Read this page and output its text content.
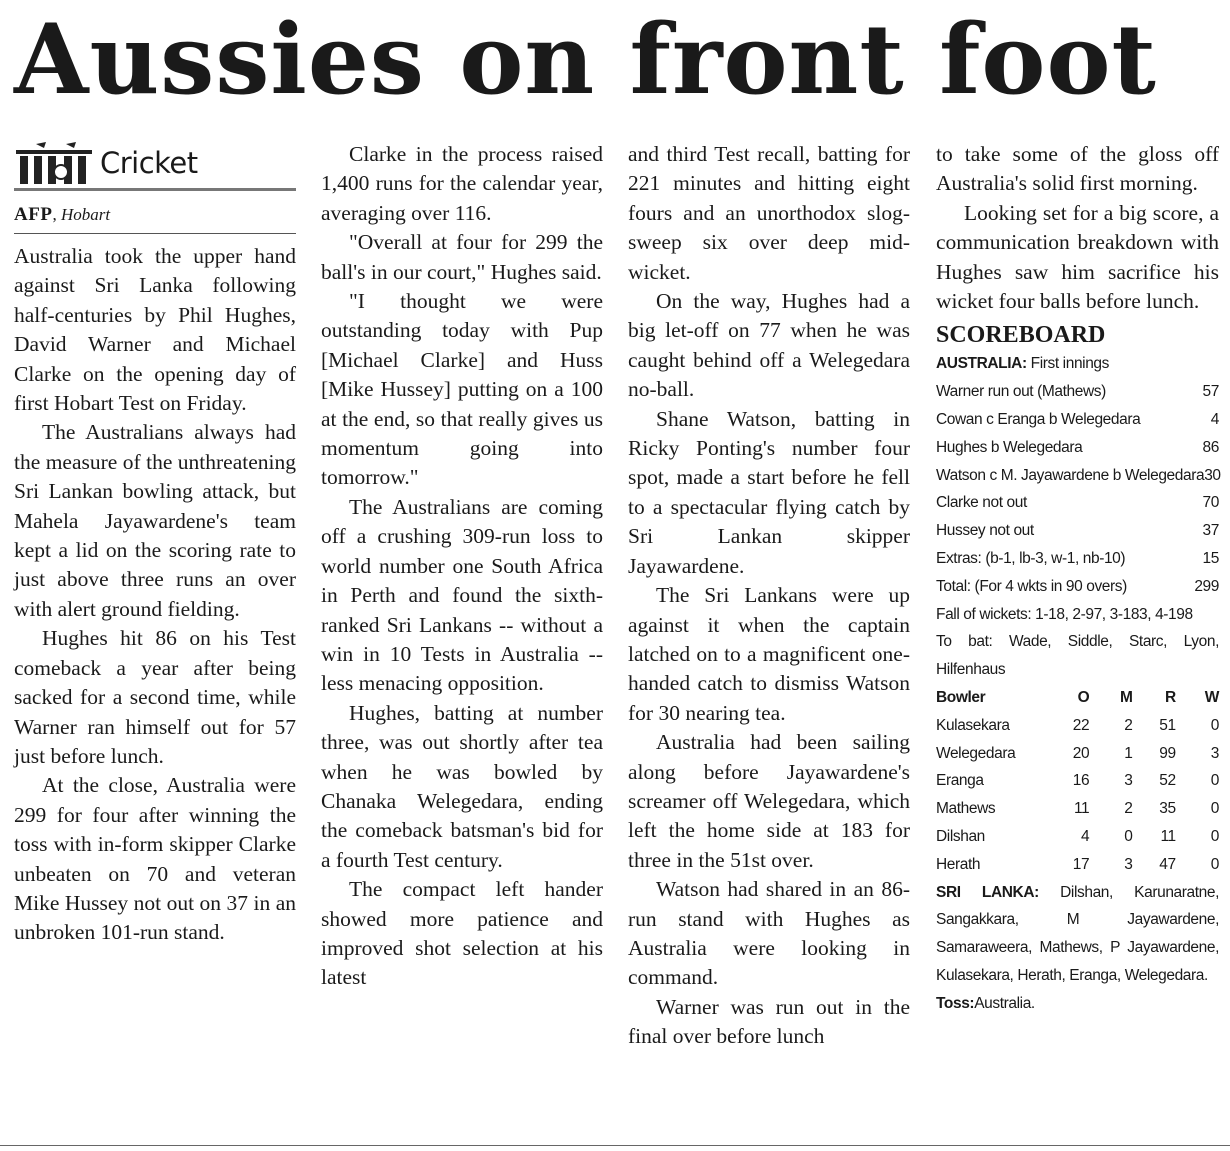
Aussies on front foot
Cricket
AFP, Hobart

Australia took the upper hand against Sri Lanka following half-centuries by Phil Hughes, David Warner and Michael Clarke on the opening day of first Hobart Test on Friday.

The Australians always had the measure of the unthreatening Sri Lankan bowling attack, but Mahela Jayawardene's team kept a lid on the scoring rate to just above three runs an over with alert ground fielding.

Hughes hit 86 on his Test comeback a year after being sacked for a second time, while Warner ran himself out for 57 just before lunch.

At the close, Australia were 299 for four after winning the toss with in-form skipper Clarke unbeaten on 70 and veteran Mike Hussey not out on 37 in an unbroken 101-run stand.

Clarke in the process raised 1,400 runs for the calendar year, averaging over 116.

"Overall at four for 299 the ball's in our court," Hughes said.

"I thought we were outstanding today with Pup [Michael Clarke] and Huss [Mike Hussey] putting on a 100 at the end, so that really gives us momentum going into tomorrow."

The Australians are coming off a crushing 309-run loss to world number one South Africa in Perth and found the sixth-ranked Sri Lankans -- without a win in 10 Tests in Australia -- less menacing opposition.

Hughes, batting at number three, was out shortly after tea when he was bowled by Chanaka Welegedara, ending the comeback batsman's bid for a fourth Test century.

The compact left hander showed more patience and improved shot selection at his latest

and third Test recall, batting for 221 minutes and hitting eight fours and an unorthodox slog-sweep six over deep mid-wicket.

On the way, Hughes had a big let-off on 77 when he was caught behind off a Welegedara no-ball.

Shane Watson, batting in Ricky Ponting's number four spot, made a start before he fell to a spectacular flying catch by Sri Lankan skipper Jayawardene.

The Sri Lankans were up against it when the captain latched on to a magnificent one-handed catch to dismiss Watson for 30 nearing tea.

Australia had been sailing along before Jayawardene's screamer off Welegedara, which left the home side at 183 for three in the 51st over.

Watson had shared in an 86-run stand with Hughes as Australia were looking in command.

Warner was run out in the final over before lunch

to take some of the gloss off Australia's solid first morning.

Looking set for a big score, a communication breakdown with Hughes saw him sacrifice his wicket four balls before lunch.

SCOREBOARD
AUSTRALIA: First innings
Warner run out (Mathews)	57
Cowan c Eranga b Welegedara	4
Hughes b Welegedara	86
Watson c M. Jayawardene b Welegedara 30
Clarke not out	70
Hussey not out	37
Extras: (b-1, lb-3, w-1, nb-10)	15
Total: (For 4 wkts in 90 overs)	299
Fall of wickets: 1-18, 2-97, 3-183, 4-198
To bat: Wade, Siddle, Starc, Lyon, Hilfenhaus
Bowler	O	M	R	W
Kulasekara	22	2	51	0
Welegedara	20	1	99	3
Eranga	16	3	52	0
Mathews	11	2	35	0
Dilshan	4	0	11	0
Herath	17	3	47	0
SRI LANKA: Dilshan, Karunaratne, Sangakkara, M Jayawardene, Samaraweera, Mathews, P Jayawardene, Kulasekara, Herath, Eranga, Welegedara.
Toss:Australia.
